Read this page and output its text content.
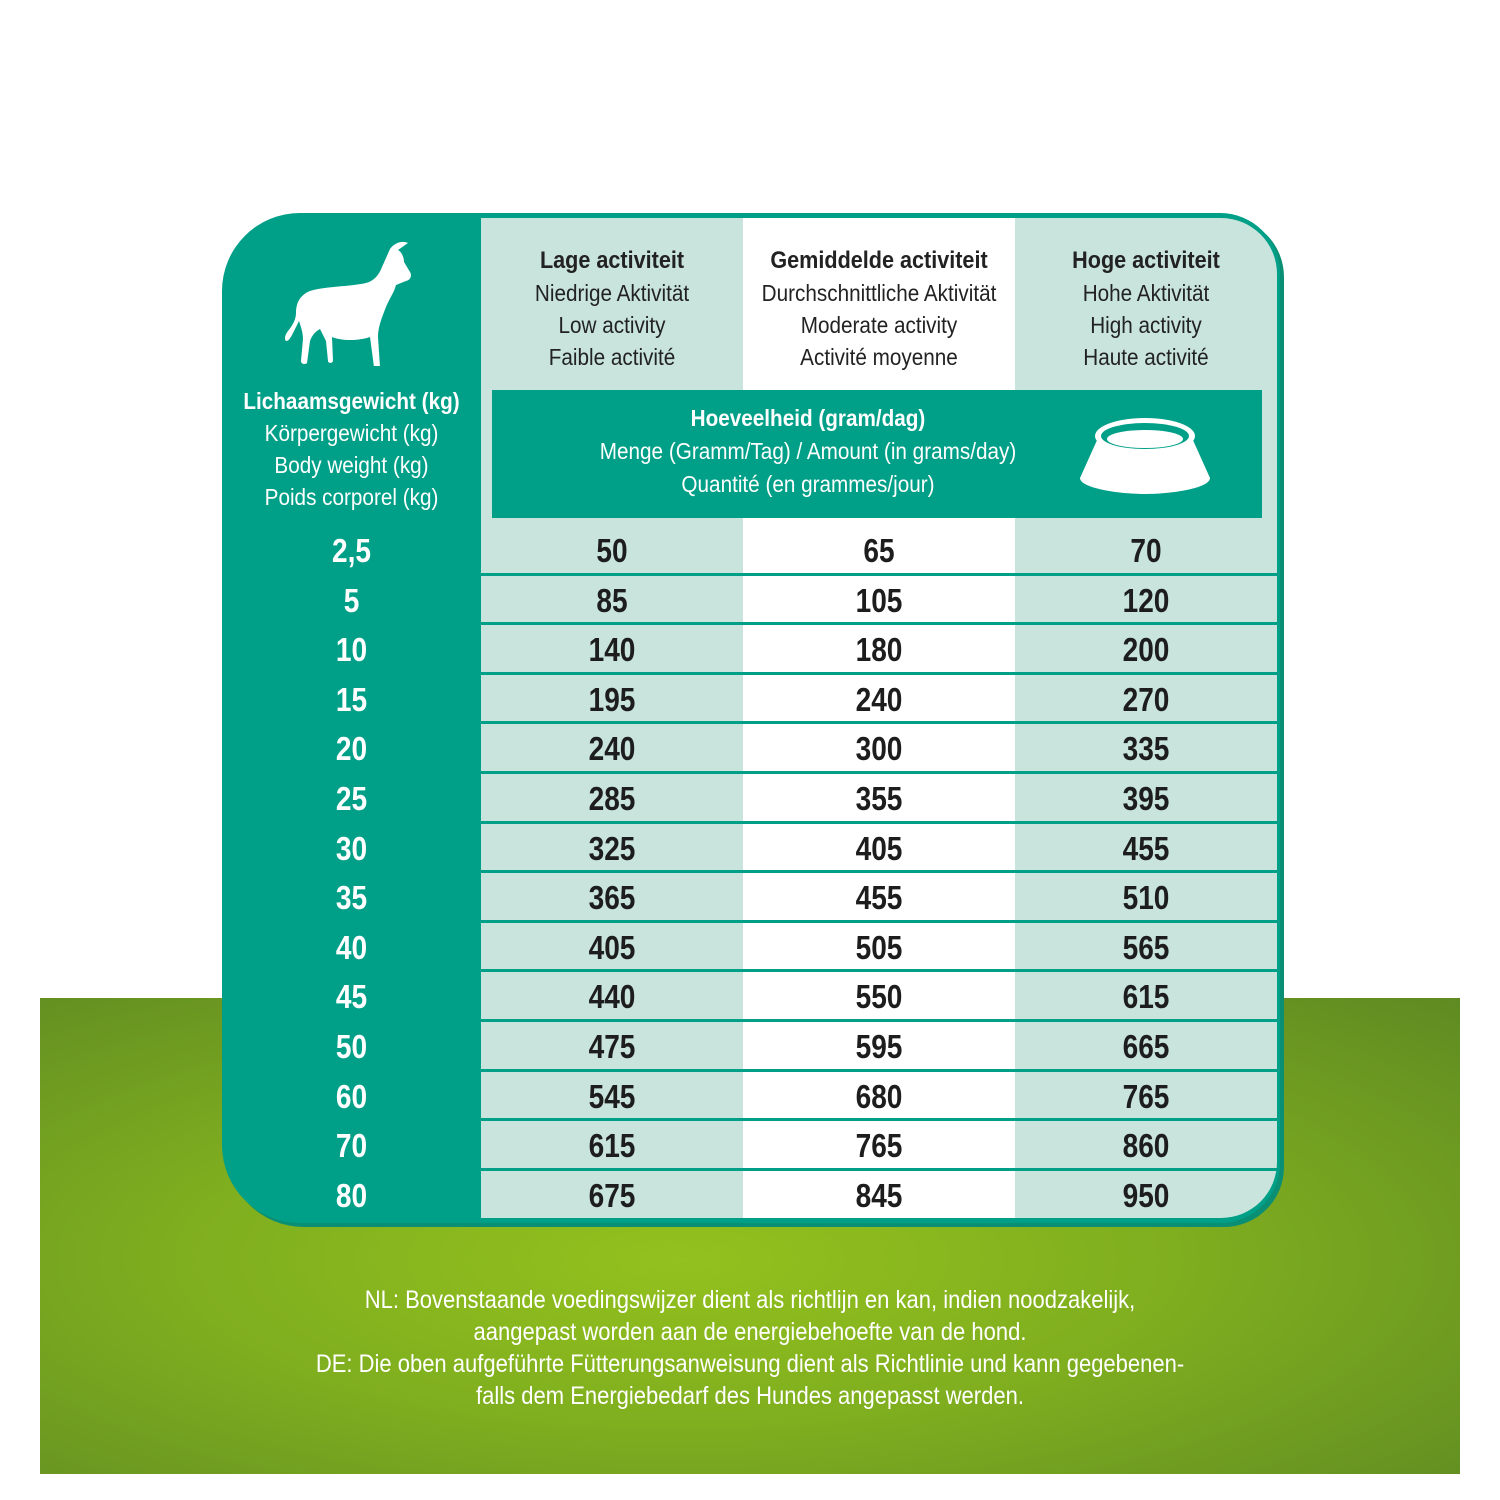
Lichaamsgewicht (kg)
Körpergewicht (kg)
Body weight (kg)
Poids corporel (kg)
Lage activiteit
Niedrige Aktivität
Low activity
Faible activité
Gemiddelde activiteit
Durchschnittliche Aktivität
Moderate activity
Activité moyenne
Hoge activiteit
Hohe Aktivität
High activity
Haute activité
Hoeveelheid (gram/dag)
Menge (Gramm/Tag) / Amount (in grams/day)
Quantité (en grammes/jour)
2,5	50	65	70
5	85	105	120
10	140	180	200
15	195	240	270
20	240	300	335
25	285	355	395
30	325	405	455
35	365	455	510
40	405	505	565
45	440	550	615
50	475	595	665
60	545	680	765
70	615	765	860
80	675	845	950
NL: Bovenstaande voedingswijzer dient als richtlijn en kan, indien noodzakelijk,
aangepast worden aan de energiebehoefte van de hond.
DE: Die oben aufgeführte Fütterungsanweisung dient als Richtlinie und kann gegebenen-
falls dem Energiebedarf des Hundes angepasst werden.
